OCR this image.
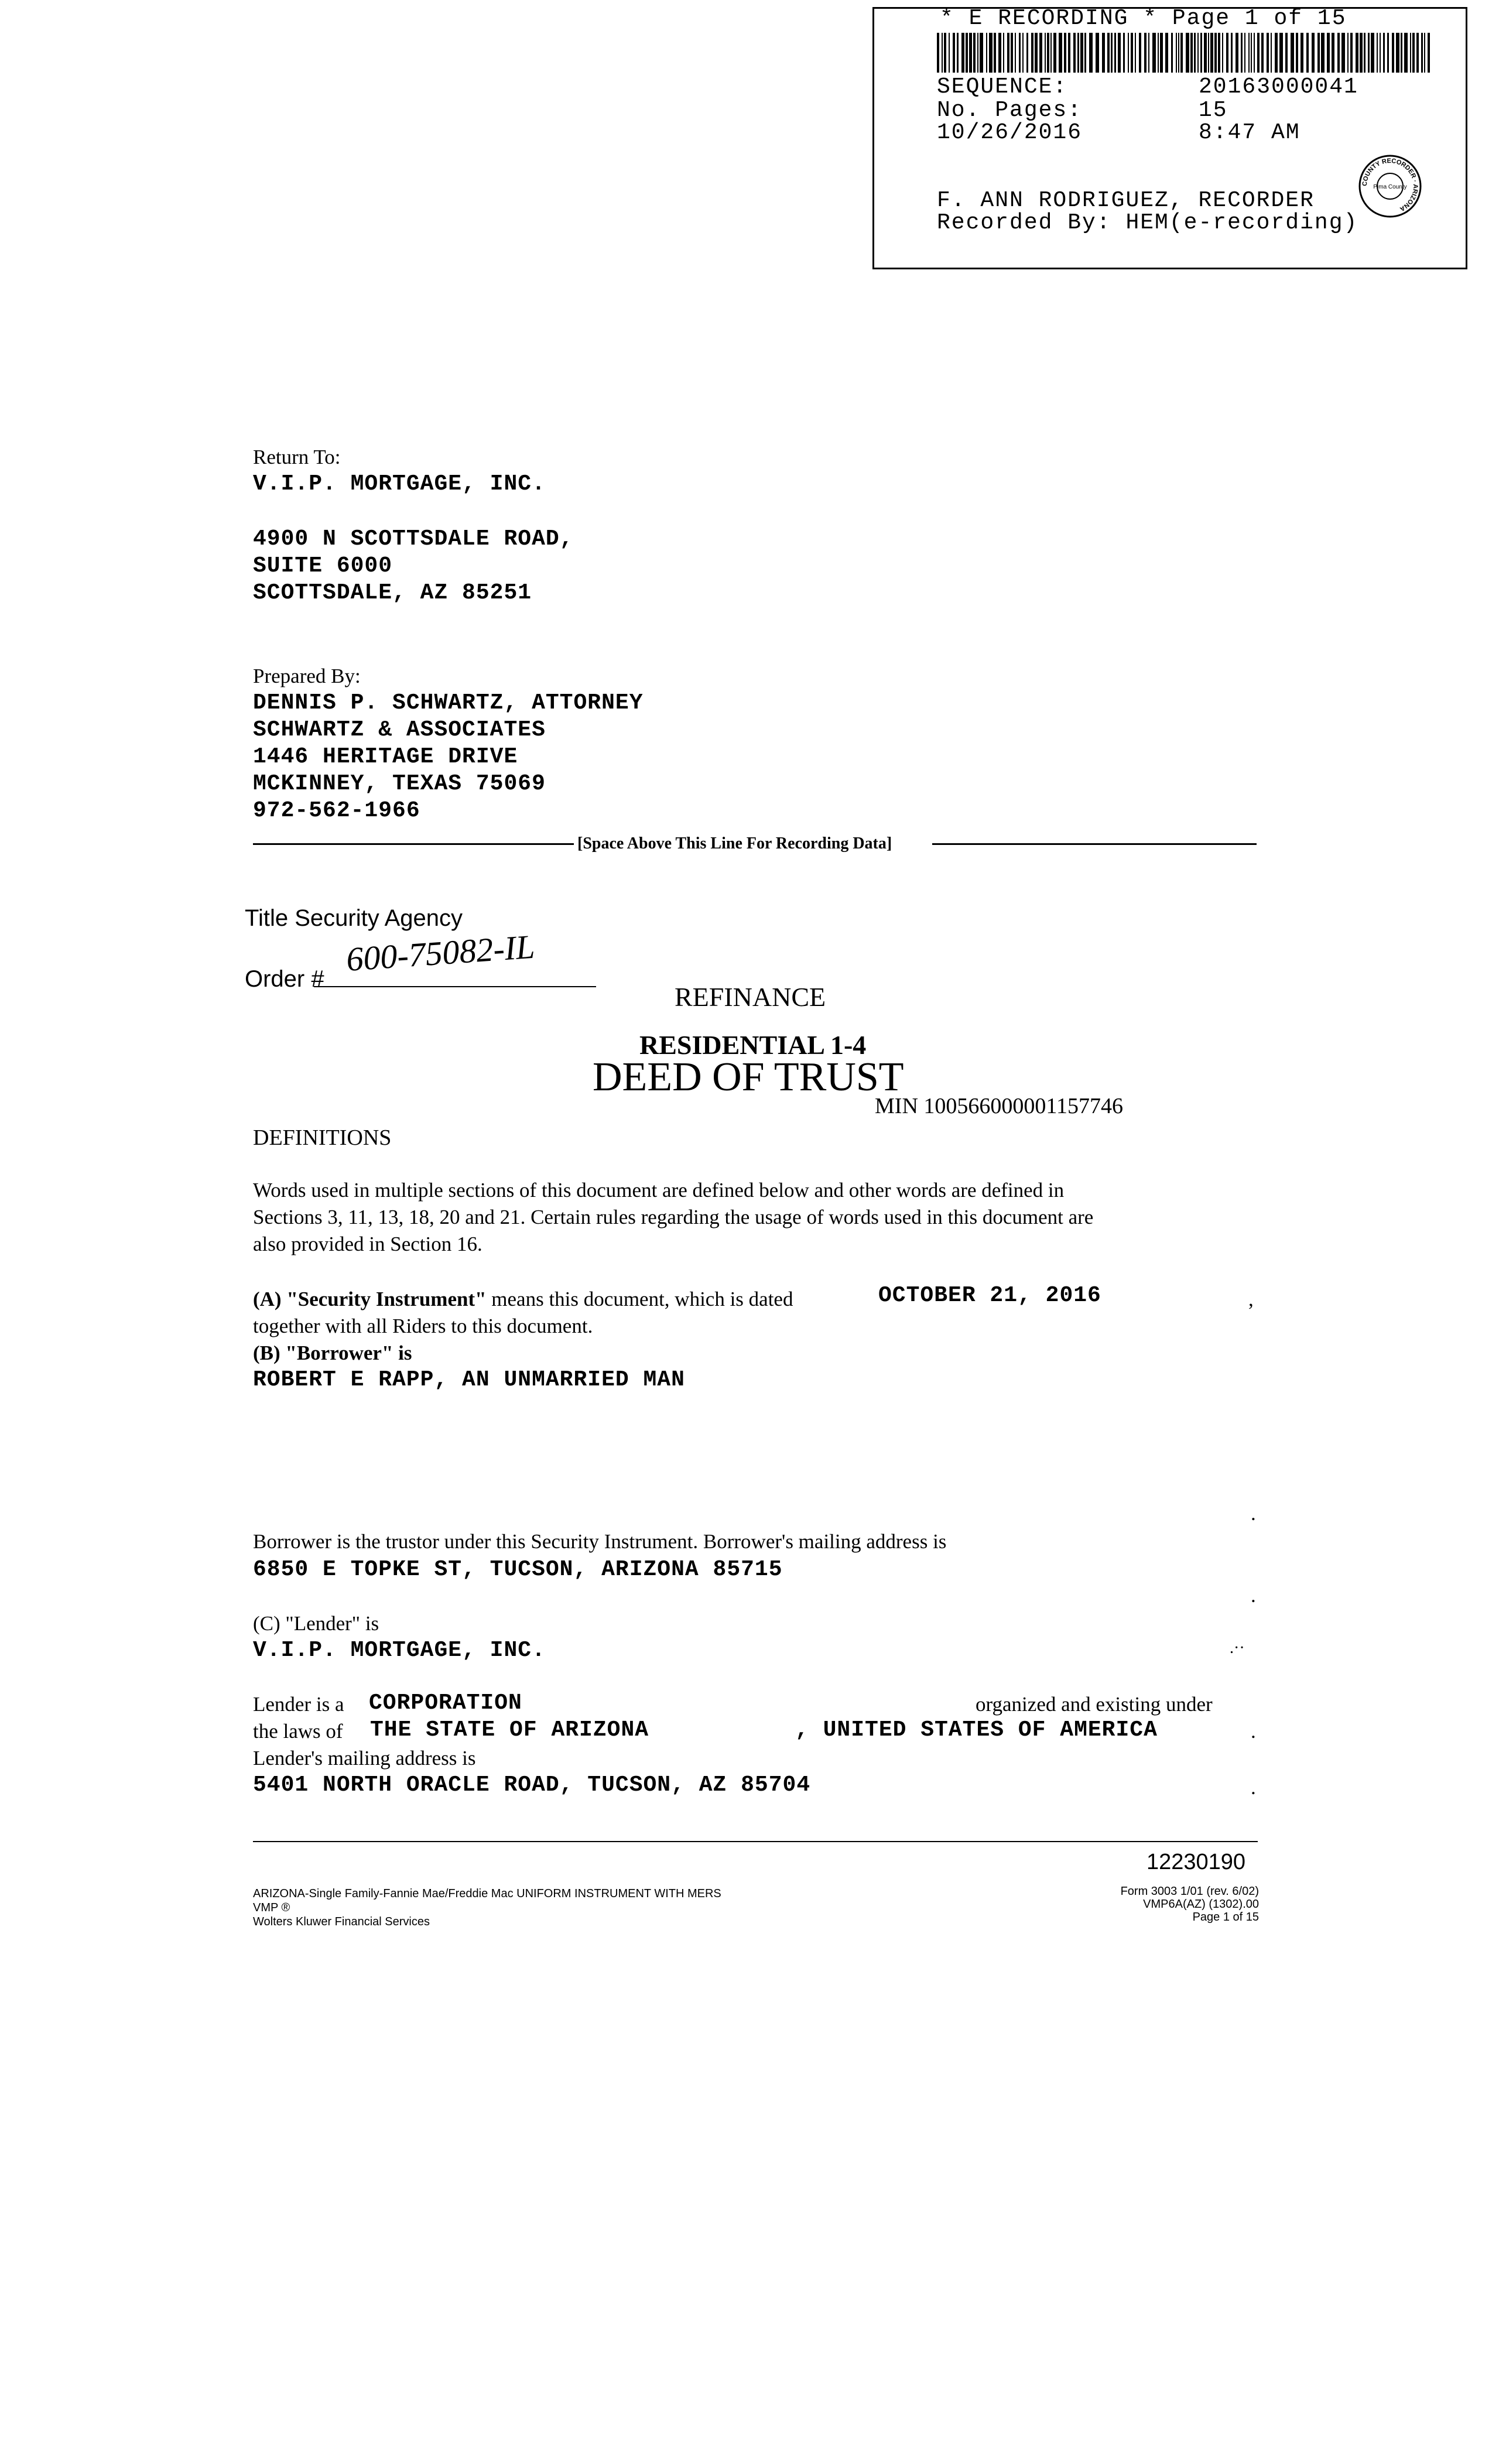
* E RECORDING * Page 1 of 15
SEQUENCE:	20163000041
No. Pages:	15
10/26/2016	8:47 AM
F. ANN RODRIGUEZ, RECORDER
Recorded By: HEM(e-recording)
COUNTY RECORDER · ARIZONA
Pima County
Return To:
V.I.P. MORTGAGE, INC.
4900 N SCOTTSDALE ROAD,
SUITE 6000
SCOTTSDALE, AZ 85251
Prepared By:
DENNIS P. SCHWARTZ, ATTORNEY
SCHWARTZ & ASSOCIATES
1446 HERITAGE DRIVE
MCKINNEY, TEXAS 75069
972-562-1966
[Space Above This Line For Recording Data]
Title Security Agency
Order #
600-75082-IL
REFINANCE
RESIDENTIAL 1-4
DEED OF TRUST
MIN 100566000001157746
DEFINITIONS
Words used in multiple sections of this document are defined below and other words are defined in
Sections 3, 11, 13, 18, 20 and 21. Certain rules regarding the usage of words used in this document are
also provided in Section 16.
(A) "Security Instrument" means this document, which is dated	OCTOBER 21, 2016	,
together with all Riders to this document.
(B) "Borrower" is
ROBERT E RAPP, AN UNMARRIED MAN
.
Borrower is the trustor under this Security Instrument. Borrower's mailing address is
6850 E TOPKE ST, TUCSON, ARIZONA 85715
.
(C) "Lender" is
V.I.P. MORTGAGE, INC.	.··
Lender is a CORPORATION	organized and existing under
the laws of THE STATE OF ARIZONA	, UNITED STATES OF AMERICA	.
Lender's mailing address is
5401 NORTH ORACLE ROAD, TUCSON, AZ 85704	.
12230190
ARIZONA-Single Family-Fannie Mae/Freddie Mac UNIFORM INSTRUMENT WITH MERS
VMP ®
Wolters Kluwer Financial Services
Form 3003 1/01 (rev. 6/02)
VMP6A(AZ) (1302).00
Page 1 of 15
